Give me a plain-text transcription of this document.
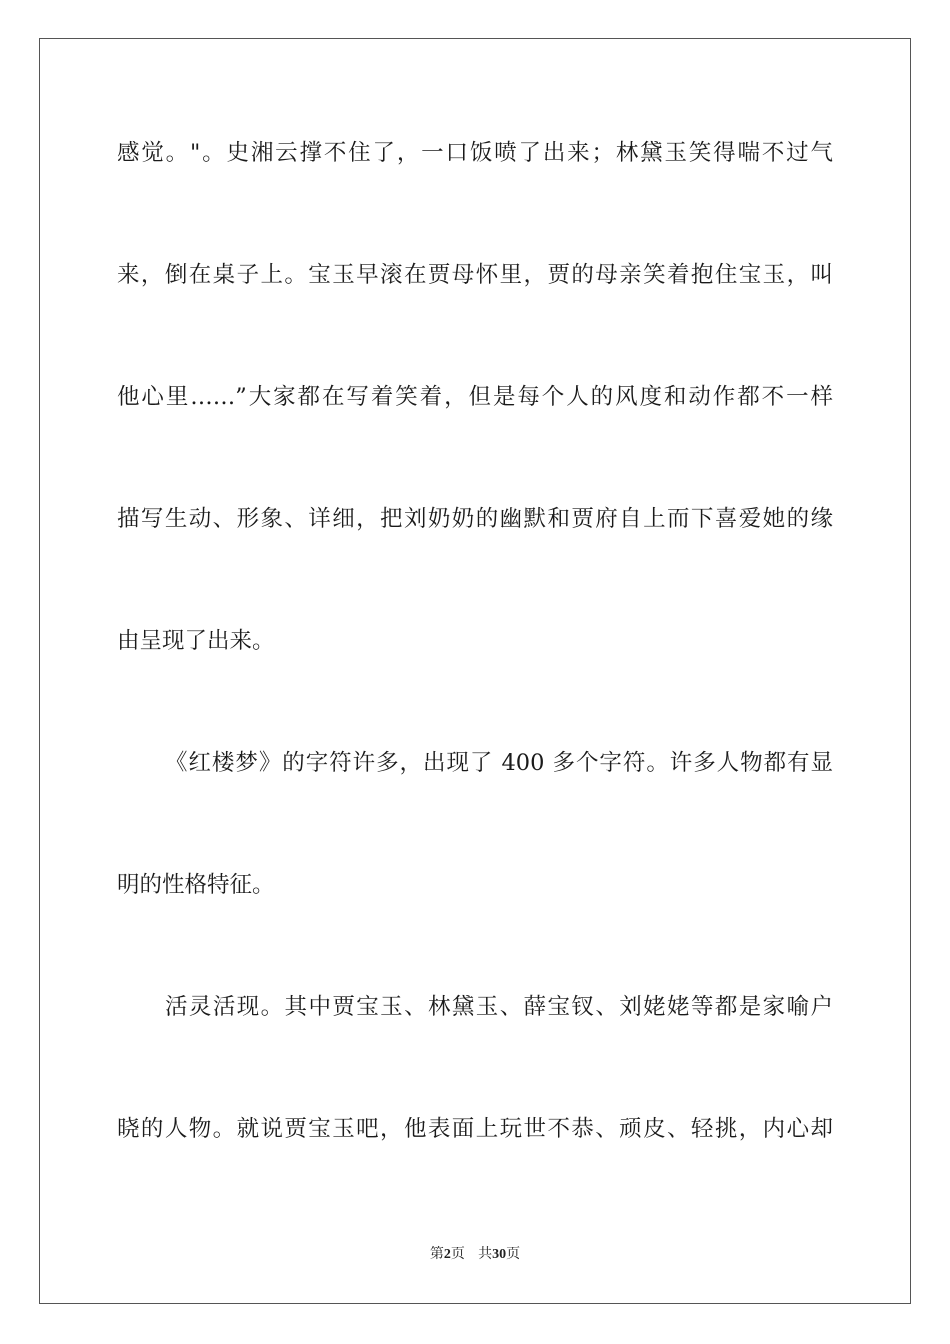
感觉。"。史湘云撑不住了，一口饭喷了出来；林黛玉笑得喘不过气
来，倒在桌子上。宝玉早滚在贾母怀里，贾的母亲笑着抱住宝玉，叫
他心里……”大家都在写着笑着，但是每个人的风度和动作都不一样
描写生动、形象、详细，把刘奶奶的幽默和贾府自上而下喜爱她的缘
由呈现了出来。
《红楼梦》的字符许多，出现了 400 多个字符。许多人物都有显
明的性格特征。
活灵活现。其中贾宝玉、林黛玉、薛宝钗、刘姥姥等都是家喻户
晓的人物。就说贾宝玉吧，他表面上玩世不恭、顽皮、轻挑，内心却
第2页 共30页
